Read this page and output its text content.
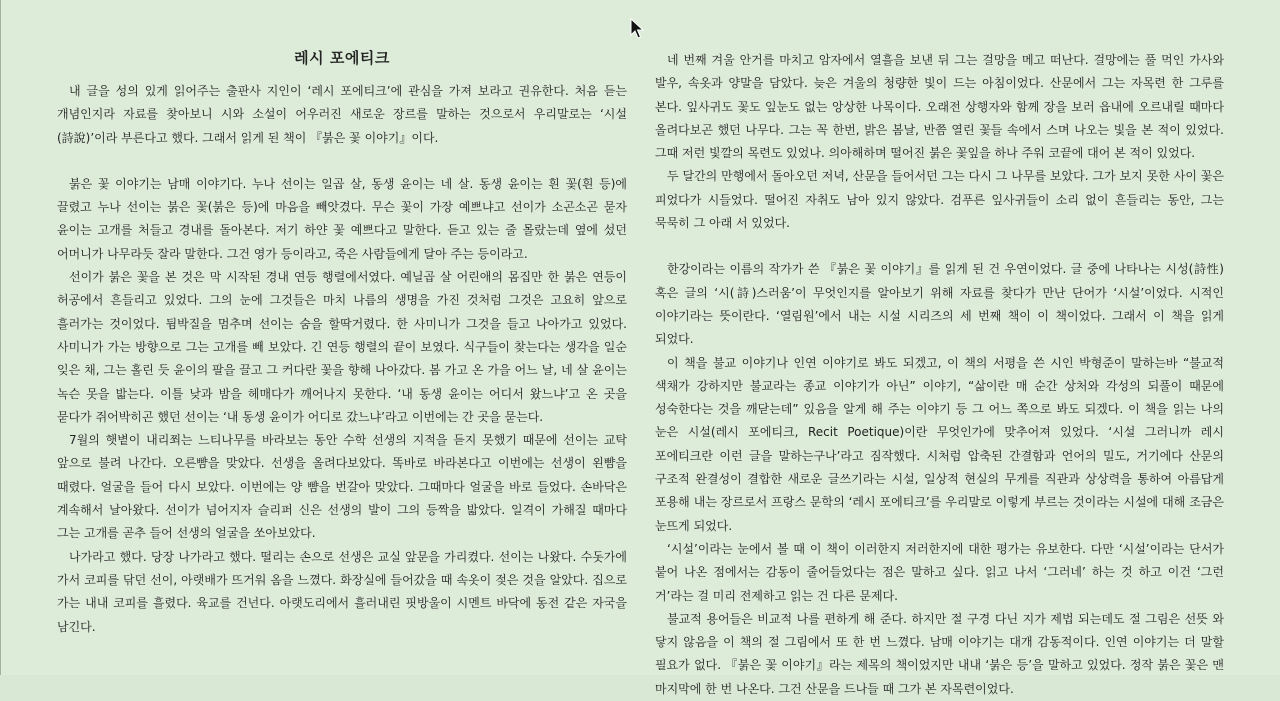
레시 포에티크

내 글을 성의 있게 읽어주는 출판사 지인이 ‘레시 포에티크’에 관심을 가져 보라고 권유한다. 처음 듣는 개념인지라 자료를 찾아보니 시와 소설이 어우러진 새로운 장르를 말하는 것으로서 우리말로는 ‘시설(詩說)’이라 부른다고 했다. 그래서 읽게 된 책이 『붉은 꽃 이야기』이다.

붉은 꽃 이야기는 남매 이야기다. 누나 선이는 일곱 살, 동생 윤이는 네 살. 동생 윤이는 흰 꽃(흰 등)에 끌렸고 누나 선이는 붉은 꽃(붉은 등)에 마음을 빼앗겼다. 무슨 꽃이 가장 예쁘냐고 선이가 소곤소곤 묻자 윤이는 고개를 처들고 경내를 돌아본다. 저기 하얀 꽃 예쁘다고 말한다. 듣고 있는 줄 몰랐는데 옆에 섰던 어머니가 나무라듯 잘라 말한다. 그건 영가 등이라고, 죽은 사람들에게 달아 주는 등이라고.

선이가 붉은 꽃을 본 것은 막 시작된 경내 연등 행렬에서였다. 예닐곱 살 어린애의 몸집만 한 붉은 연등이 허공에서 흔들리고 있었다. 그의 눈에 그것들은 마치 나름의 생명을 가진 것처럼 그것은 고요히 앞으로 흘러가는 것이었다. 뒴박질을 멈추며 선이는 숨을 할딱거렸다. 한 사미니가 그것을 들고 나아가고 있었다. 사미니가 가는 방향으로 그는 고개를 빼 보았다. 긴 연등 행렬의 끝이 보였다. 식구들이 찾는다는 생각을 일순 잊은 채, 그는 홀린 듯 윤이의 팔을 끌고 그 커다란 꽃을 향해 나아갔다. 봄 가고 온 가을 어느 날, 네 살 윤이는 녹슨 못을 밟는다. 이틀 낮과 밤을 헤매다가 깨어나지 못한다. ‘내 동생 윤이는 어디서 왔느냐’고 온 곳을 묻다가 쥐어박히곤 했던 선이는 ‘내 동생 윤이가 어디로 갔느냐’라고 이번에는 간 곳을 묻는다.

7월의 햇볕이 내리쬐는 느티나무를 바라보는 동안 수학 선생의 지적을 듣지 못했기 때문에 선이는 교탁 앞으로 불려 나간다. 오른뺨을 맞았다. 선생을 올려다보았다. 똑바로 바라본다고 이번에는 선생이 왼뺨을 때렸다. 얼굴을 들어 다시 보았다. 이번에는 양 뺨을 번갈아 맞았다. 그때마다 얼굴을 바로 들었다. 손바닥은 계속해서 날아왔다. 선이가 넘어지자 슬리퍼 신은 선생의 발이 그의 등짝을 밟았다. 일격이 가해질 때마다 그는 고개를 곧추 들어 선생의 얼굴을 쏘아보았다.

나가라고 했다. 당장 나가라고 했다. 떨리는 손으로 선생은 교실 앞문을 가리켰다. 선이는 나왔다. 수돗가에 가서 코피를 닦던 선이, 아랫배가 뜨거워 옴을 느꼈다. 화장실에 들어갔을 때 속옷이 젖은 것을 알았다. 집으로 가는 내내 코피를 흘렸다. 육교를 건넌다. 아랫도리에서 흘러내린 핏방울이 시멘트 바닥에 동전 같은 자국을 남긴다.

네 번째 겨울 안거를 마치고 암자에서 열흘을 보낸 뒤 그는 걸망을 메고 떠난다. 걸망에는 풀 먹인 가사와 발우, 속옷과 양말을 담았다. 늦은 겨울의 청량한 빛이 드는 아침이었다. 산문에서 그는 자목련 한 그루를 본다. 잎사귀도 꽃도 잎눈도 없는 앙상한 나목이다. 오래전 상행자와 함께 장을 보러 읍내에 오르내릴 때마다 올려다보곤 했던 나무다. 그는 꼭 한번, 밝은 봄날, 반쯤 열린 꽃들 속에서 스며 나오는 빛을 본 적이 있었다. 그때 저런 빛깔의 목련도 있었나. 의아해하며 떨어진 붉은 꽃잎을 하나 주워 코끝에 대어 본 적이 있었다.

두 달간의 만행에서 돌아오던 저녁, 산문을 들어서던 그는 다시 그 나무를 보았다. 그가 보지 못한 사이 꽃은 피었다가 시들었다. 떨어진 자취도 남아 있지 않았다. 검푸른 잎사귀들이 소리 없이 흔들리는 동안, 그는 묵묵히 그 아래 서 있었다.

한강이라는 이름의 작가가 쓴 『붉은 꽃 이야기』를 읽게 된 건 우연이었다. 글 중에 나타나는 시성(詩性) 혹은 글의 ‘시(詩)스러움’이 무엇인지를 알아보기 위해 자료를 찾다가 만난 단어가 ‘시설’이었다. 시적인 이야기라는 뜻이란다. ‘열림원’에서 내는 시설 시리즈의 세 번째 책이 이 책이었다. 그래서 이 책을 읽게 되었다.

이 책을 불교 이야기나 인연 이야기로 봐도 되겠고, 이 책의 서평을 쓴 시인 박형준이 말하는바 “불교적 색채가 강하지만 불교라는 종교 이야기가 아닌” 이야기, “삶이란 매 순간 상처와 각성의 되풀이 때문에 성숙한다는 것을 깨닫는데” 있음을 알게 해 주는 이야기 등 그 어느 쪽으로 봐도 되겠다. 이 책을 읽는 나의 눈은 시설(레시 포에티크, Recit Poetique)이란 무엇인가에 맞추어져 있었다. ‘시설 그러니까 레시 포에티크란 이런 글을 말하는구나’라고 짐작했다. 시처럼 압축된 간결함과 언어의 밀도, 거기에다 산문의 구조적 완결성이 결합한 새로운 글쓰기라는 시설, 일상적 현실의 무게를 직관과 상상력을 통하여 아름답게 포용해 내는 장르로서 프랑스 문학의 ‘레시 포에티크’를 우리말로 이렇게 부르는 것이라는 시설에 대해 조금은 눈뜨게 되었다.

‘시설’이라는 눈에서 볼 때 이 책이 이러한지 저러한지에 대한 평가는 유보한다. 다만 ‘시설’이라는 단서가 붙어 나온 점에서는 감동이 줄어들었다는 점은 말하고 싶다. 읽고 나서 ‘그러네’ 하는 것 하고 이건 ‘그런 거’라는 걸 미리 전제하고 읽는 건 다른 문제다.

불교적 용어들은 비교적 나를 편하게 해 준다. 하지만 절 구경 다닌 지가 제법 되는데도 절 그림은 선뜻 와 닿지 않음을 이 책의 절 그림에서 또 한 번 느꼈다. 남매 이야기는 대개 감동적이다. 인연 이야기는 더 말할 필요가 없다. 『붉은 꽃 이야기』라는 제목의 책이었지만 내내 ‘붉은 등’을 말하고 있었다. 정작 붉은 꽃은 맨 마지막에 한 번 나온다. 그건 산문을 드나들 때 그가 본 자목련이었다.
